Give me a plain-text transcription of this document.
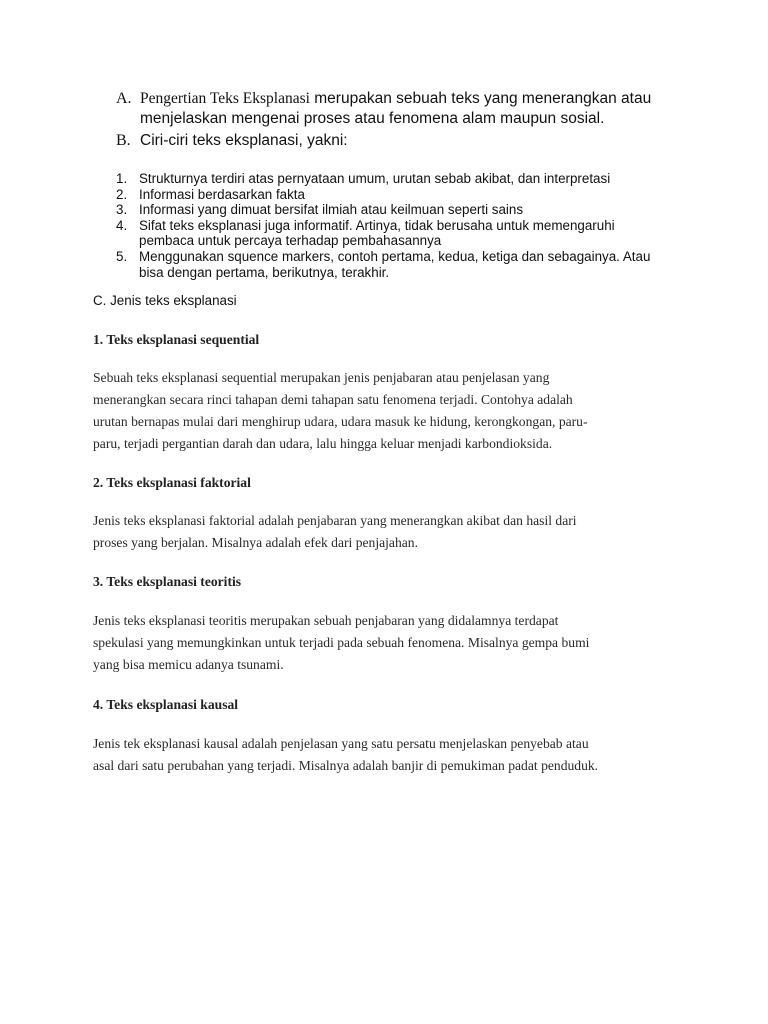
A. Pengertian Teks Eksplanasi merupakan sebuah teks yang menerangkan atau menjelaskan mengenai proses atau fenomena alam maupun sosial.
B. Ciri-ciri teks eksplanasi, yakni:
1. Strukturnya terdiri atas pernyataan umum, urutan sebab akibat, dan interpretasi
2. Informasi berdasarkan fakta
3. Informasi yang dimuat bersifat ilmiah atau keilmuan seperti sains
4. Sifat teks eksplanasi juga informatif. Artinya, tidak berusaha untuk memengaruhi pembaca untuk percaya terhadap pembahasannya
5. Menggunakan squence markers, contoh pertama, kedua, ketiga dan sebagainya. Atau bisa dengan pertama, berikutnya, terakhir.
C. Jenis teks eksplanasi
1. Teks eksplanasi sequential
Sebuah teks eksplanasi sequential merupakan jenis penjabaran atau penjelasan yang
menerangkan secara rinci tahapan demi tahapan satu fenomena terjadi. Contohya adalah
urutan bernapas mulai dari menghirup udara, udara masuk ke hidung, kerongkongan, paru-
paru, terjadi pergantian darah dan udara, lalu hingga keluar menjadi karbondioksida.
2. Teks eksplanasi faktorial
Jenis teks eksplanasi faktorial adalah penjabaran yang menerangkan akibat dan hasil dari
proses yang berjalan. Misalnya adalah efek dari penjajahan.
3. Teks eksplanasi teoritis
Jenis teks eksplanasi teoritis merupakan sebuah penjabaran yang didalamnya terdapat
spekulasi yang memungkinkan untuk terjadi pada sebuah fenomena. Misalnya gempa bumi
yang bisa memicu adanya tsunami.
4. Teks eksplanasi kausal
Jenis tek eksplanasi kausal adalah penjelasan yang satu persatu menjelaskan penyebab atau
asal dari satu perubahan yang terjadi. Misalnya adalah banjir di pemukiman padat penduduk.
